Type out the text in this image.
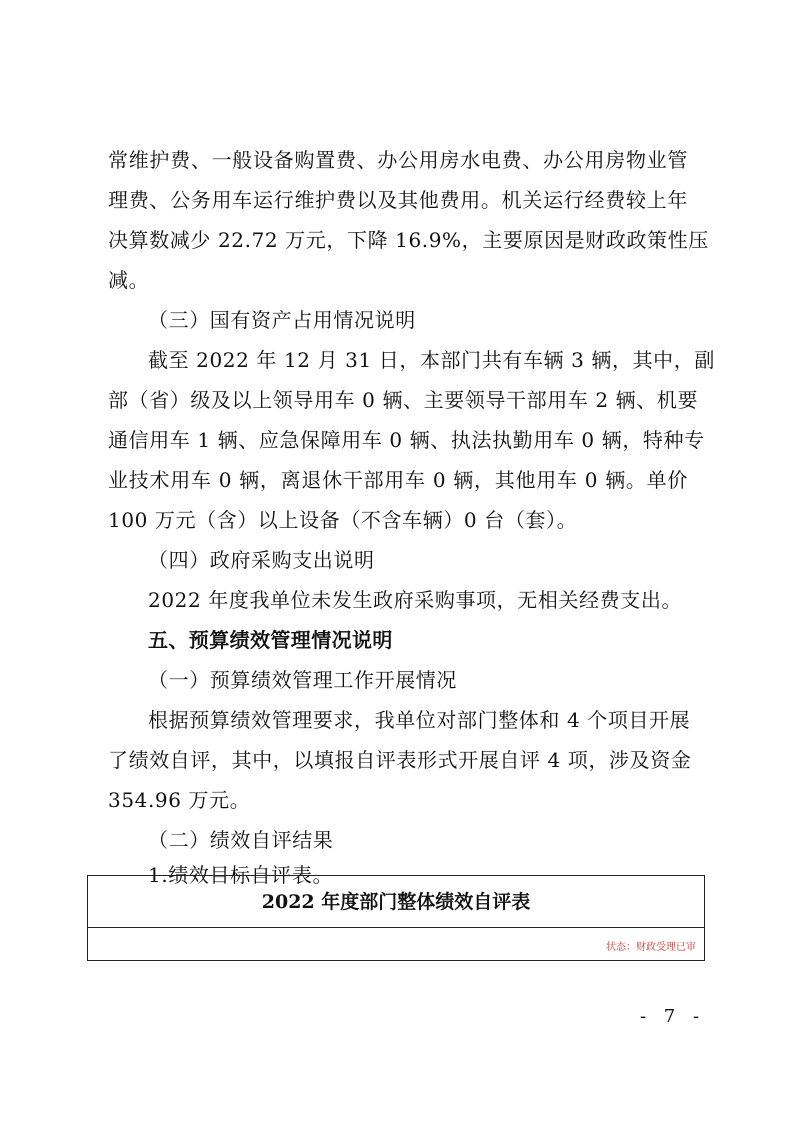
常维护费、一般设备购置费、办公用房水电费、办公用房物业管
理费、公务用车运行维护费以及其他费用。机关运行经费较上年
决算数减少 22.72 万元，下降 16.9%，主要原因是财政政策性压
减。
（三）国有资产占用情况说明
截至 2022 年 12 月 31 日，本部门共有车辆 3 辆，其中，副
部（省）级及以上领导用车 0 辆、主要领导干部用车 2 辆、机要
通信用车 1 辆、应急保障用车 0 辆、执法执勤用车 0 辆，特种专
业技术用车 0 辆，离退休干部用车 0 辆，其他用车 0 辆。单价
100 万元（含）以上设备（不含车辆）0 台（套）。
（四）政府采购支出说明
2022 年度我单位未发生政府采购事项，无相关经费支出。
五、预算绩效管理情况说明
（一）预算绩效管理工作开展情况
根据预算绩效管理要求，我单位对部门整体和 4 个项目开展
了绩效自评，其中，以填报自评表形式开展自评 4 项，涉及资金
354.96 万元。
（二）绩效自评结果
1.绩效目标自评表。
2022 年度部门整体绩效自评表
状态：财政受理已审
- 7 -
